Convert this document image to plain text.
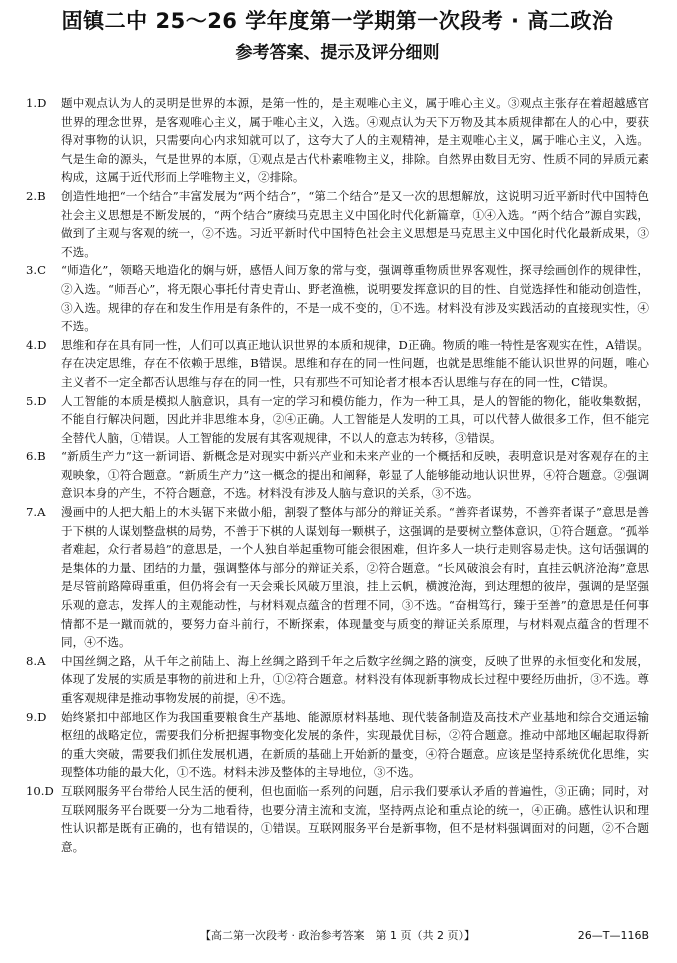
固镇二中 25～26 学年度第一学期第一次段考 · 高二政治
参考答案、提示及评分细则

1.D	题中观点认为人的灵明是世界的本源，是第一性的，是主观唯心主义，属于唯心主义。③观点主张存在着超越感官世界的理念世界，是客观唯心主义，属于唯心主义，入选。④观点认为天下万物及其本质规律都在人的心中，要获得对事物的认识，只需要向心内求知就可以了，这夸大了人的主观精神，是主观唯心主义，属于唯心主义，入选。气是生命的源头，气是世界的本原，①观点是古代朴素唯物主义，排除。自然界由数目无穷、性质不同的异质元素构成，这属于近代形而上学唯物主义，②排除。

2.B	创造性地把“一个结合”丰富发展为“两个结合”，“第二个结合”是又一次的思想解放，这说明习近平新时代中国特色社会主义思想是不断发展的，“两个结合”赓续马克思主义中国化时代化新篇章，①④入选。“两个结合”源自实践，做到了主观与客观的统一，②不选。习近平新时代中国特色社会主义思想是马克思主义中国化时代化最新成果，③不选。

3.C	“师造化”，领略天地造化的娴与妍，感悟人间万象的常与变，强调尊重物质世界客观性，探寻绘画创作的规律性，②入选。“师吾心”，将无限心事托付青史青山、野老渔樵，说明要发挥意识的目的性、自觉选择性和能动创造性，③入选。规律的存在和发生作用是有条件的，不是一成不变的，①不选。材料没有涉及实践活动的直接现实性，④不选。

4.D	思维和存在具有同一性，人们可以真正地认识世界的本质和规律，D正确。物质的唯一特性是客观实在性，A错误。存在决定思维，存在不依赖于思维，B错误。思维和存在的同一性问题，也就是思维能不能认识世界的问题，唯心主义者不一定全都否认思维与存在的同一性，只有那些不可知论者才根本否认思维与存在的同一性，C错误。

5.D	人工智能的本质是模拟人脑意识，具有一定的学习和模仿能力，作为一种工具，是人的智能的物化，能收集数据，不能自行解决问题，因此并非思维本身，②④正确。人工智能是人发明的工具，可以代替人做很多工作，但不能完全替代人脑，①错误。人工智能的发展有其客观规律，不以人的意志为转移，③错误。

6.B	“新质生产力”这一新词语、新概念是对现实中新兴产业和未来产业的一个概括和反映，表明意识是对客观存在的主观映象，①符合题意。“新质生产力”这一概念的提出和阐释，彰显了人能够能动地认识世界，④符合题意。②强调意识本身的产生，不符合题意，不选。材料没有涉及人脑与意识的关系，③不选。

7.A	漫画中的人把大船上的木头锯下来做小船，割裂了整体与部分的辩证关系。“善弈者谋势，不善弈者谋子”意思是善于下棋的人谋划整盘棋的局势，不善于下棋的人谋划每一颗棋子，这强调的是要树立整体意识，①符合题意。“孤举者难起，众行者易趋”的意思是，一个人独自举起重物可能会很困难，但许多人一块行走则容易走快。这句话强调的是集体的力量、团结的力量，强调整体与部分的辩证关系，②符合题意。“长风破浪会有时，直挂云帆济沧海”意思是尽管前路障碍重重，但仍将会有一天会乘长风破万里浪，挂上云帆，横渡沧海，到达理想的彼岸，强调的是坚强乐观的意志，发挥人的主观能动性，与材料观点蕴含的哲理不同，③不选。“奋楫笃行，臻于至善”的意思是任何事情都不是一蹴而就的，要努力奋斗前行，不断探索，体现量变与质变的辩证关系原理，与材料观点蕴含的哲理不同，④不选。

8.A	中国丝绸之路，从千年之前陆上、海上丝绸之路到千年之后数字丝绸之路的演变，反映了世界的永恒变化和发展，体现了发展的实质是事物的前进和上升，①②符合题意。材料没有体现新事物成长过程中要经历曲折，③不选。尊重客观规律是推动事物发展的前提，④不选。

9.D	始终紧扣中部地区作为我国重要粮食生产基地、能源原材料基地、现代装备制造及高技术产业基地和综合交通运输枢纽的战略定位，需要我们分析把握事物变化发展的条件，实现最优目标，②符合题意。推动中部地区崛起取得新的重大突破，需要我们抓住发展机遇，在新质的基础上开始新的量变，④符合题意。应该是坚持系统优化思维，实现整体功能的最大化，①不选。材料未涉及整体的主导地位，③不选。

10.D 互联网服务平台带给人民生活的便利，但也面临一系列的问题，启示我们要承认矛盾的普遍性，③正确；同时，对互联网服务平台既要一分为二地看待，也要分清主流和支流，坚持两点论和重点论的统一，④正确。感性认识和理性认识都是既有正确的，也有错误的，①错误。互联网服务平台是新事物，但不是材料强调面对的问题，②不合题意。

【高二第一次段考 · 政治参考答案　第 1 页（共 2 页）】	26—T—116B
